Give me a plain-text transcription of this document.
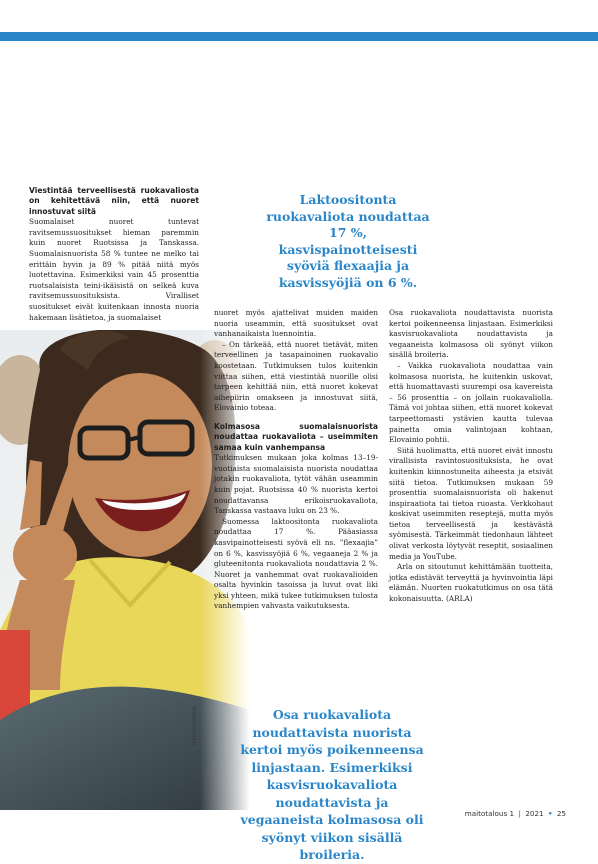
Viestintää terveellisestä ruokavaliosta on kehitettävä niin, että nuoret innostuvat siitä

Suomalaiset nuoret tuntevat ravitsemussuositukset hieman paremmin kuin nuoret Ruotsissa ja Tanskassa. Suomalaisnuorista 58 % tuntee ne melko tai erittäin hyvin ja 89 % pitää niitä myös luotettavina. Esimerkiksi vain 45 prosenttia ruotsalaisista teini-ikäisistä on selkeä kuva ravitsemussuosituksista. Viralliset suositukset eivät kuitenkaan innosta nuoria hakemaan lisätietoa, ja suomalaiset

nuoret myös ajattelivat muiden maiden nuoria useammin, että suositukset ovat vanhanaikaista luennointia.

– On tärkeää, että nuoret tietävät, miten terveellinen ja tasapainoinen ruokavalio koostetaan. Tutkimuksen tulos kuitenkin viittaa siihen, että viestintää nuorille olisi tarpeen kehittää niin, että nuoret kokevat aihepiirin omakseen ja innostuvat siitä, Elovainio toteaa.

Kolmasosa suomalaisnuorista noudattaa ruokavaliota – useimmiten samaa kuin vanhempansa

Tutkimuksen mukaan joka kolmas 13–19-vuotiaista suomalaisista nuorista noudattaa jotakin ruokavaliota, tytöt vähän useammin kuin pojat. Ruotsissa 40 % nuorista kertoi noudattavansa erikoisruokavaliota, Tanskassa vastaava luku on 23 %.

Suomessa laktoositonta ruokavaliota noudattaa 17 %. Pääasiassa kasvipainotteisesti syövä eli ns. ”flexaajia” on 6 %, kasvissyöjiä 6 %, vegaaneja 2 % ja gluteenitonta ruokavaliota noudattavia 2 %. Nuoret ja vanhemmat ovat ruokavalioiden osalta hyvinkin tasoissa ja luvut ovat liki yksi yhteen, mikä tukee tutkimuksen tulosta vanhempien vahvasta vaikutuksesta.

Osa ruokavaliota noudattavista nuorista kertoi poikenneensa linjastaan. Esimerkiksi kasvisruokavaliota noudattavista ja vegaaneista kolmasosa oli syönyt viikon sisällä broileria.

– Vaikka ruokavaliota noudattaa vain kolmasosa nuorista, he kuitenkin uskovat, että huomattavasti suurempi osa kavereista – 56 prosenttia – on jollain ruokavaliolla. Tämä voi johtaa siihen, että nuoret kokevat tarpeettomasti ystävien kautta tulevaa painetta omia valintojaan kohtaan, Elovainio pohtii.

Siitä huolimatta, että nuoret eivät innostu virallisista ravintosuosituksista, he ovat kuitenkin kiinnostuneita aiheesta ja etsivät siitä tietoa. Tutkimuksen mukaan 59 prosenttia suomalaisnuorista oli hakenut inspiraatiota tai tietoa ruoasta. Verkkohaut koskivat useimmiten reseptejä, mutta myös tietoa terveellisestä ja kestävästä syömisestä. Tärkeimmät tiedonhaun lähteet olivat verkosta löytyvät reseptit, sosiaalinen media ja YouTube.

Arla on sitoutunut kehittämään tuotteita, jotka edistävät terveyttä ja hyvinvointia läpi elämän. Nuorten ruokatutkimus on osa tätä kokonaisuutta. (ARLA)

Laktoositonta ruokavaliota noudattaa 17 %, kasvispainotteisesti syöviä flexaajia ja kasvissyöjiä on 6 %.
Osa ruokavaliota noudattavista nuorista kertoi myös poikenneensa linjastaan. Esimerkiksi kasvisruokavaliota noudattavista ja vegaaneista kolmasosa oli syönyt viikon sisällä broileria.
ISTOCKPHOTOS
maitotalous 1 | 2021 • 25
